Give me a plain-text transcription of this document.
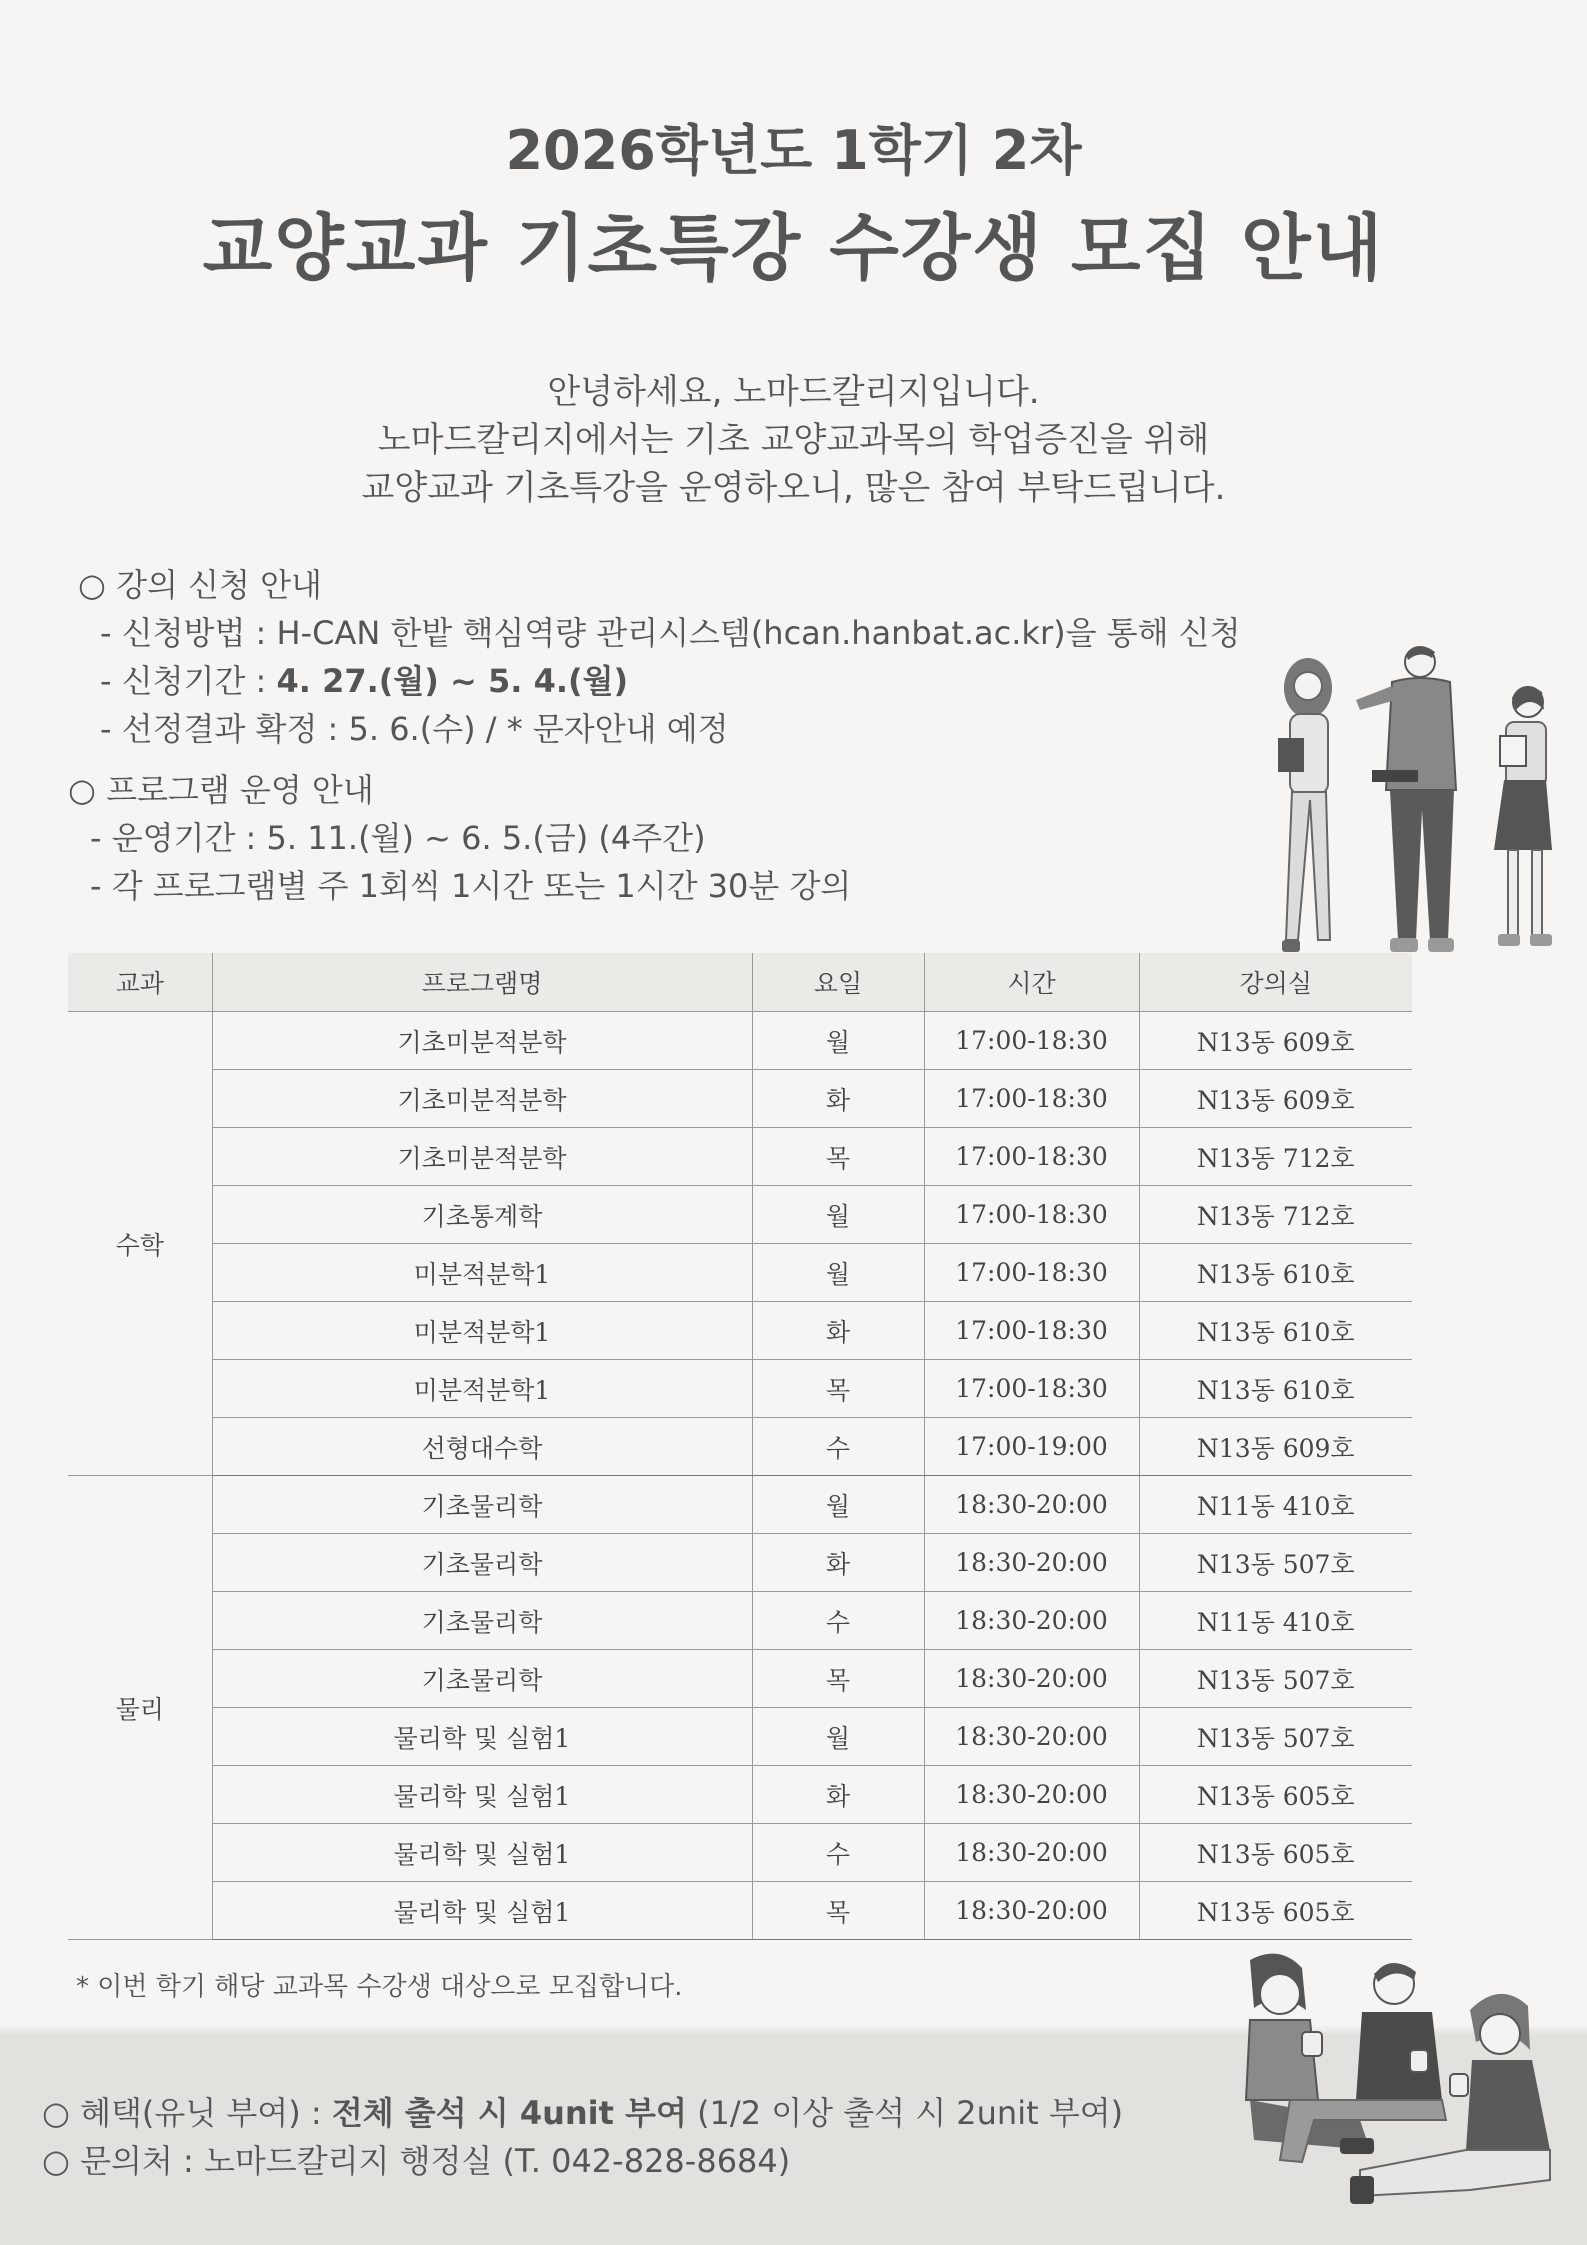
2026학년도 1학기 2차
교양교과 기초특강 수강생 모집 안내
안녕하세요, 노마드칼리지입니다.
노마드칼리지에서는 기초 교양교과목의 학업증진을 위해
교양교과 기초특강을 운영하오니, 많은 참여 부탁드립니다.
○ 강의 신청 안내
- 신청방법 : H-CAN 한밭 핵심역량 관리시스템(hcan.hanbat.ac.kr)을 통해 신청
- 신청기간 : 4. 27.(월) ~ 5. 4.(월)
- 선정결과 확정 : 5. 6.(수) / * 문자안내 예정
○ 프로그램 운영 안내
- 운영기간 : 5. 11.(월) ~ 6. 5.(금) (4주간)
- 각 프로그램별 주 1회씩 1시간 또는 1시간 30분 강의
교과	프로그램명	요일	시간	강의실
수학	기초미분적분학	월	17:00-18:30	N13동 609호
	기초미분적분학	화	17:00-18:30	N13동 609호
	기초미분적분학	목	17:00-18:30	N13동 712호
	기초통계학	월	17:00-18:30	N13동 712호
	미분적분학1	월	17:00-18:30	N13동 610호
	미분적분학1	화	17:00-18:30	N13동 610호
	미분적분학1	목	17:00-18:30	N13동 610호
	선형대수학	수	17:00-19:00	N13동 609호
물리	기초물리학	월	18:30-20:00	N11동 410호
	기초물리학	화	18:30-20:00	N13동 507호
	기초물리학	수	18:30-20:00	N11동 410호
	기초물리학	목	18:30-20:00	N13동 507호
	물리학 및 실험1	월	18:30-20:00	N13동 507호
	물리학 및 실험1	화	18:30-20:00	N13동 605호
	물리학 및 실험1	수	18:30-20:00	N13동 605호
	물리학 및 실험1	목	18:30-20:00	N13동 605호
* 이번 학기 해당 교과목 수강생 대상으로 모집합니다.
○ 혜택(유닛 부여) : 전체 출석 시 4unit 부여 (1/2 이상 출석 시 2unit 부여)
○ 문의처 : 노마드칼리지 행정실 (T. 042-828-8684)
